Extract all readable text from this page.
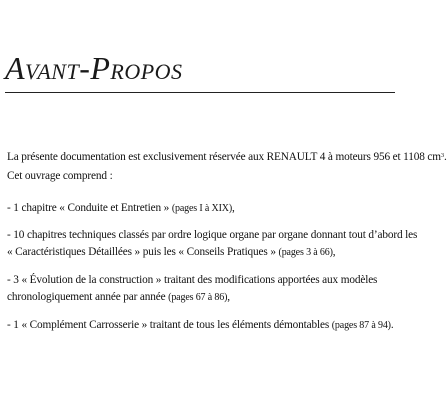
Avant-Propos
La présente documentation est exclusivement réservée aux RENAULT 4 à moteurs 956 et 1108 $cm^3$.
Cet ouvrage comprend :
- 1 chapitre « Conduite et Entretien » (pages I à XIX),
- 10 chapitres techniques classés par ordre logique organe par organe donnant tout d’abord les
« Caractéristiques Détaillées » puis les « Conseils Pratiques » (pages 3 à 66),
- 3 « Évolution de la construction » traitant des modifications apportées aux modèles
chronologiquement année par année (pages 67 à 86),
- 1 « Complément Carrosserie » traitant de tous les éléments démontables (pages 87 à 94).
